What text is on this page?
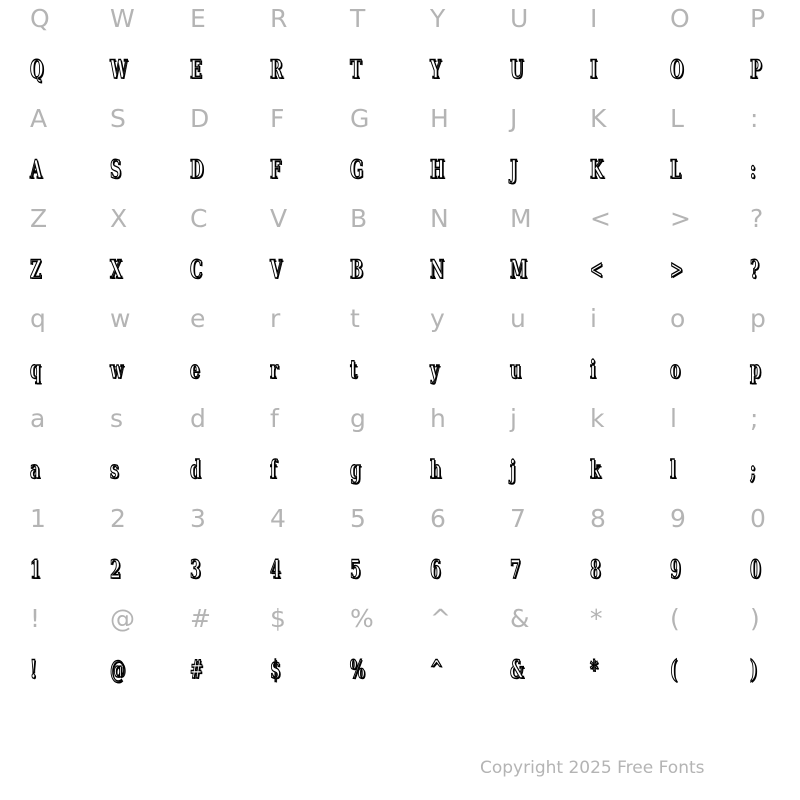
Q	W	E	R	T	Y	U	I	O	P
Q	W	E	R	T	Y	U	I	O	P
A	S	D	F	G	H	J	K	L	:
A	S	D	F	G	H	J	K	L	:
Z	X	C	V	B	N	M	<	>	?
Z	X	C	V	B	N	M	<	>	?
q	w	e	r	t	y	u	i	o	p
q	w	e	r	t	y	u	i	o	p
a	s	d	f	g	h	j	k	l	;
a	s	d	f	g	h	j	k	l	;
1	2	3	4	5	6	7	8	9	0
1	2	3	4	5	6	7	8	9	0
!	@	#	$	%	^	&	*	(	)
!	@	#	$	%	^	&	*	(	)
Copyright 2025 Free Fonts
